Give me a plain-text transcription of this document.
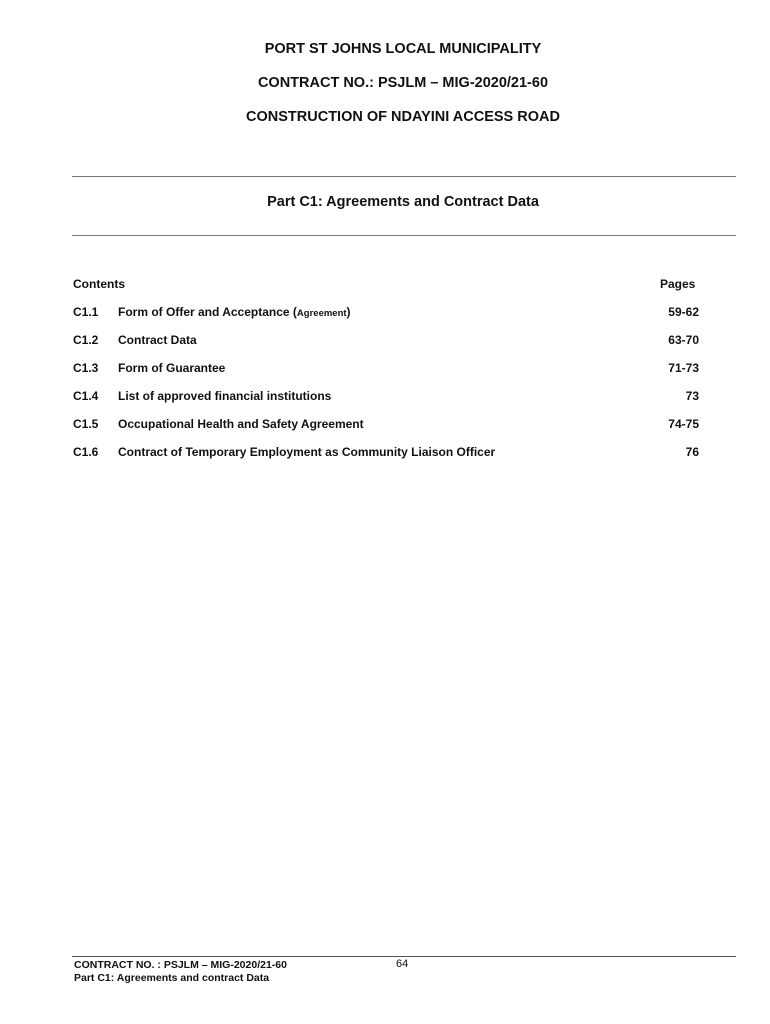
PORT ST JOHNS LOCAL MUNICIPALITY
CONTRACT NO.: PSJLM – MIG-2020/21-60
CONSTRUCTION OF NDAYINI ACCESS ROAD
Part C1: Agreements and Contract Data
Contents	Pages
C1.1 Form of Offer and Acceptance (Agreement)	59-62
C1.2 Contract Data	63-70
C1.3 Form of Guarantee	71-73
C1.4 List of approved financial institutions	73
C1.5 Occupational Health and Safety Agreement	74-75
C1.6 Contract of Temporary Employment as Community Liaison Officer	76
CONTRACT NO. : PSJLM – MIG-2020/21-60
Part C1: Agreements and contract Data
64
